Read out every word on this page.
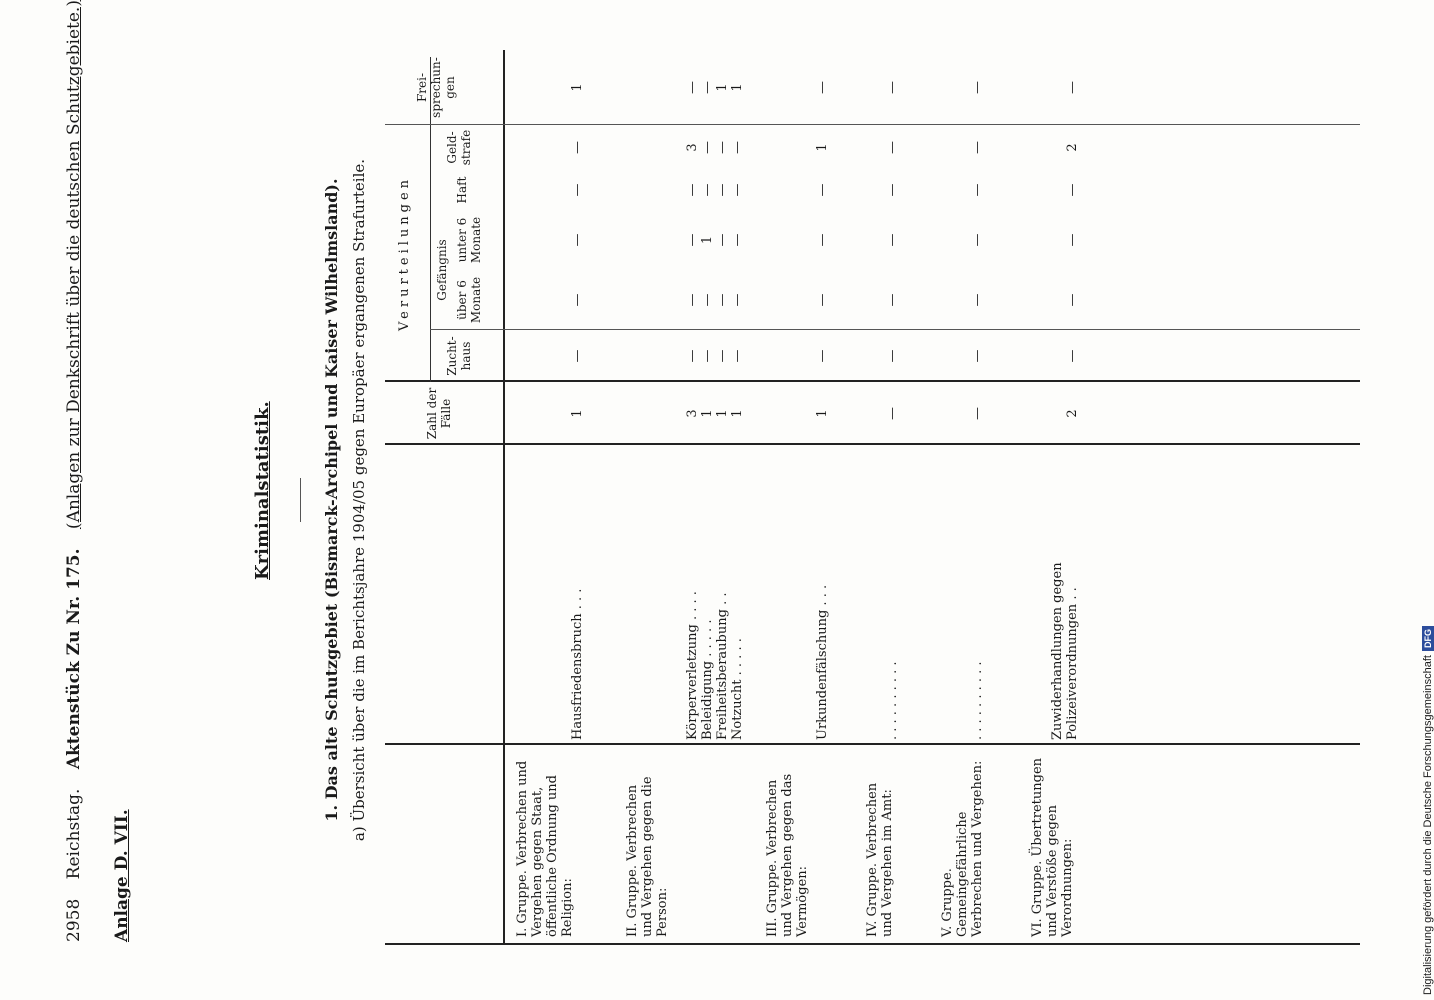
2958 Reichstag. Aktenstück Zu Nr. 175. (Anlagen zur Denkschrift über die deutschen Schutzgebiete.)
Anlage D. VII.
Kriminalstatistik.	1. Das alte Schutzgebiet (Bismarck-Archipel und Kaiser Wilhelmsland). a) Übersicht über die im Berichtsjahre 1904/05 gegen Europäer ergangenen Strafurteile.	Zahl der Fälle
Verurteilungen
Zucht- haus
Gefängnis über 6 Monate
unter 6 Monate
Haft
Geld- strafe
Frei- sprechun- gen
I. Gruppe. Verbrechen und Vergehen gegen Staat, öffentliche Ordnung und Religion:
Hausfriedensbruch . . .
1
—
—
—
—
—
1
II. Gruppe. Verbrechen und Vergehen gegen die Person:
Körperverletzung . . . . Beleidigung . . . . . Freiheitsberaubung . . Notzucht . . . . .
3 1 1 1
— — — —
— — — —
— 1 — —
— — — —
3 — — —
— — 1 1
III. Gruppe. Verbrechen und Vergehen gegen das Vermögen:
Urkundenfälschung . . .
1
—
—
—
—
1
—
IV. Gruppe. Verbrechen und Vergehen im Amt:
. . . . . . . . . .
—
—
—
—
—
—
—
V. Gruppe. Gemeingefährliche Verbrechen und Vergehen:
. . . . . . . . . .
—
—
—
—
—
—
—
VI. Gruppe. Übertretungen und Verstöße gegen Verordnungen:
Zuwiderhandlungen gegen Polizeiverordnungen . .
2
—
—
—
—
2
—
Digitalisierung gefördert durch die Deutsche Forschungsgemeinschaft
DFG
